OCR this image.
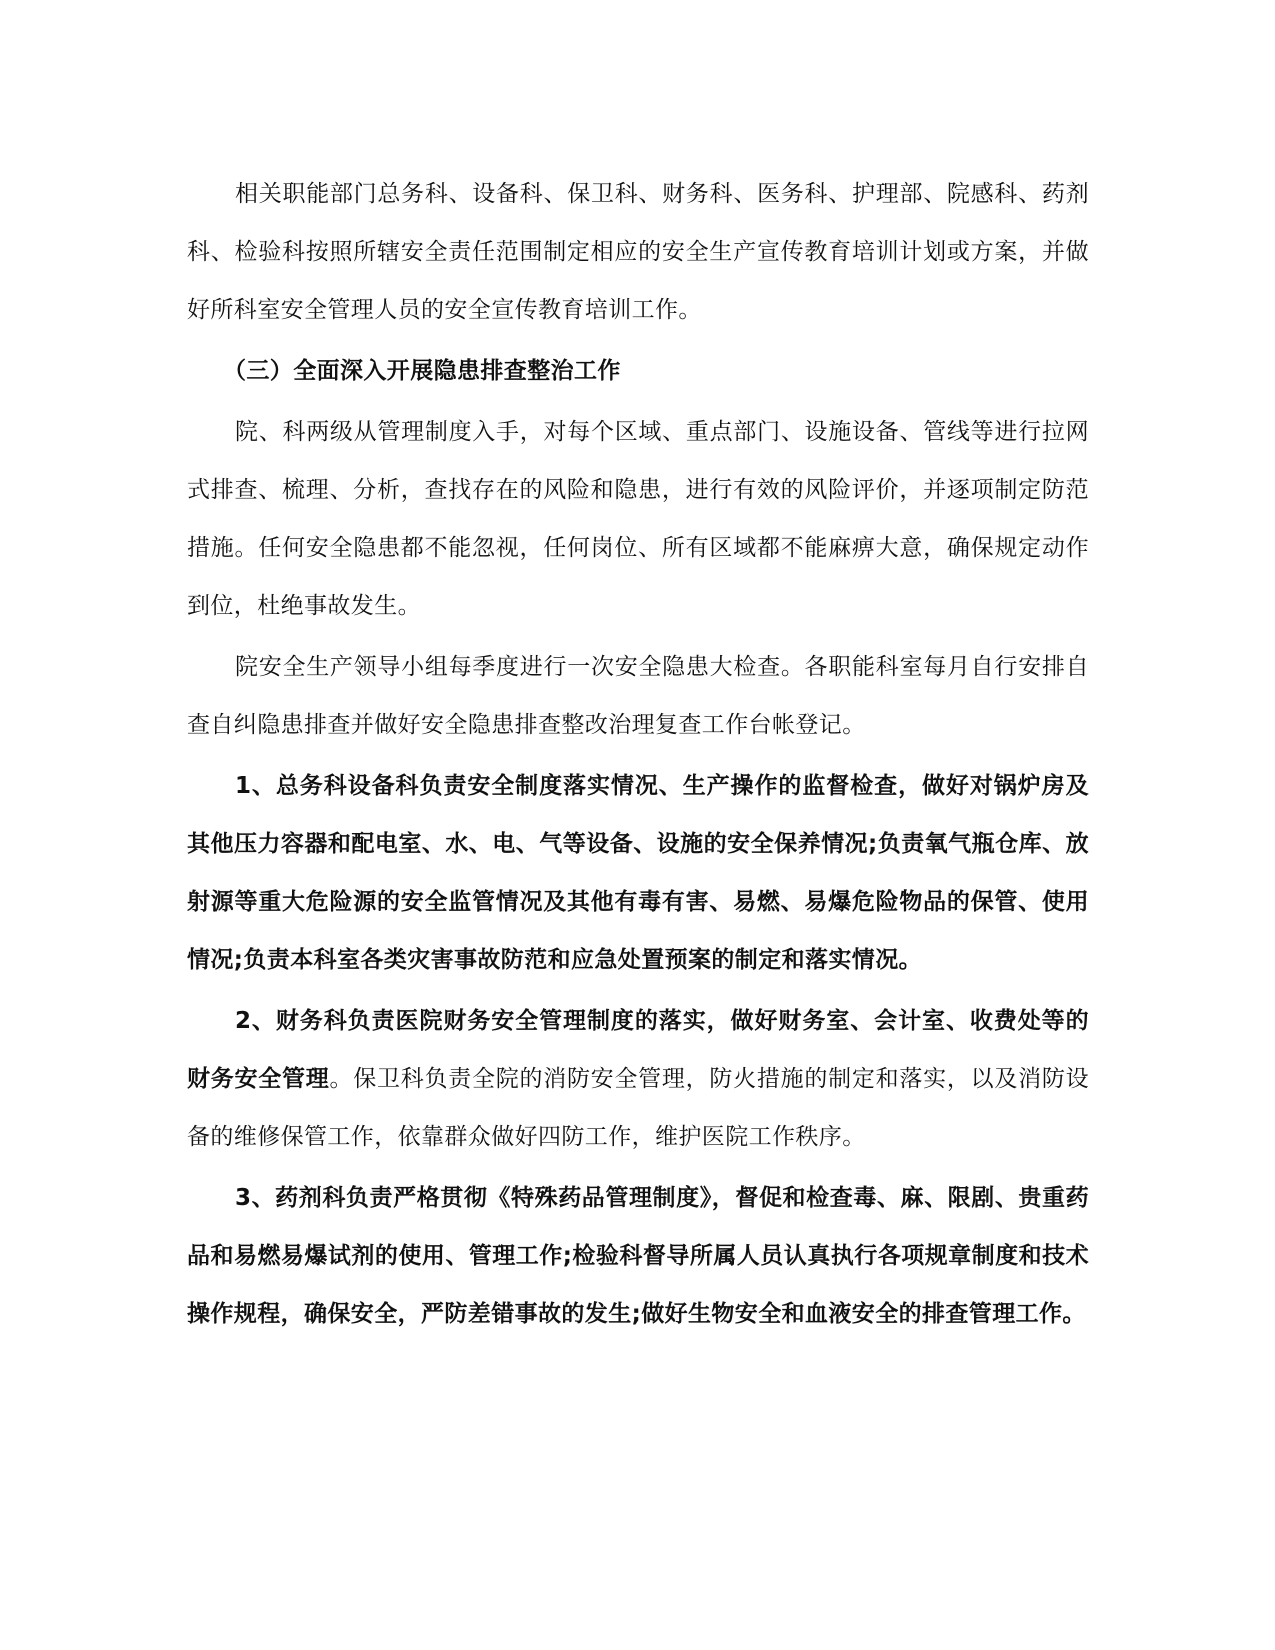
相关职能部门总务科、设备科、保卫科、财务科、医务科、护理部、院感科、药剂科、检验科按照所辖安全责任范围制定相应的安全生产宣传教育培训计划或方案，并做好所科室安全管理人员的安全宣传教育培训工作。

（三）全面深入开展隐患排查整治工作

院、科两级从管理制度入手，对每个区域、重点部门、设施设备、管线等进行拉网式排查、梳理、分析，查找存在的风险和隐患，进行有效的风险评价，并逐项制定防范措施。任何安全隐患都不能忽视，任何岗位、所有区域都不能麻痹大意，确保规定动作到位，杜绝事故发生。

院安全生产领导小组每季度进行一次安全隐患大检查。各职能科室每月自行安排自查自纠隐患排查并做好安全隐患排查整改治理复查工作台帐登记。

1、总务科设备科负责安全制度落实情况、生产操作的监督检查，做好对锅炉房及其他压力容器和配电室、水、电、气等设备、设施的安全保养情况;负责氧气瓶仓库、放射源等重大危险源的安全监管情况及其他有毒有害、易燃、易爆危险物品的保管、使用情况;负责本科室各类灾害事故防范和应急处置预案的制定和落实情况。

2、财务科负责医院财务安全管理制度的落实，做好财务室、会计室、收费处等的财务安全管理。保卫科负责全院的消防安全管理，防火措施的制定和落实，以及消防设备的维修保管工作，依靠群众做好四防工作，维护医院工作秩序。

3、药剂科负责严格贯彻《特殊药品管理制度》，督促和检查毒、麻、限剧、贵重药品和易燃易爆试剂的使用、管理工作;检验科督导所属人员认真执行各项规章制度和技术操作规程，确保安全，严防差错事故的发生;做好生物安全和血液安全的排查管理工作。
